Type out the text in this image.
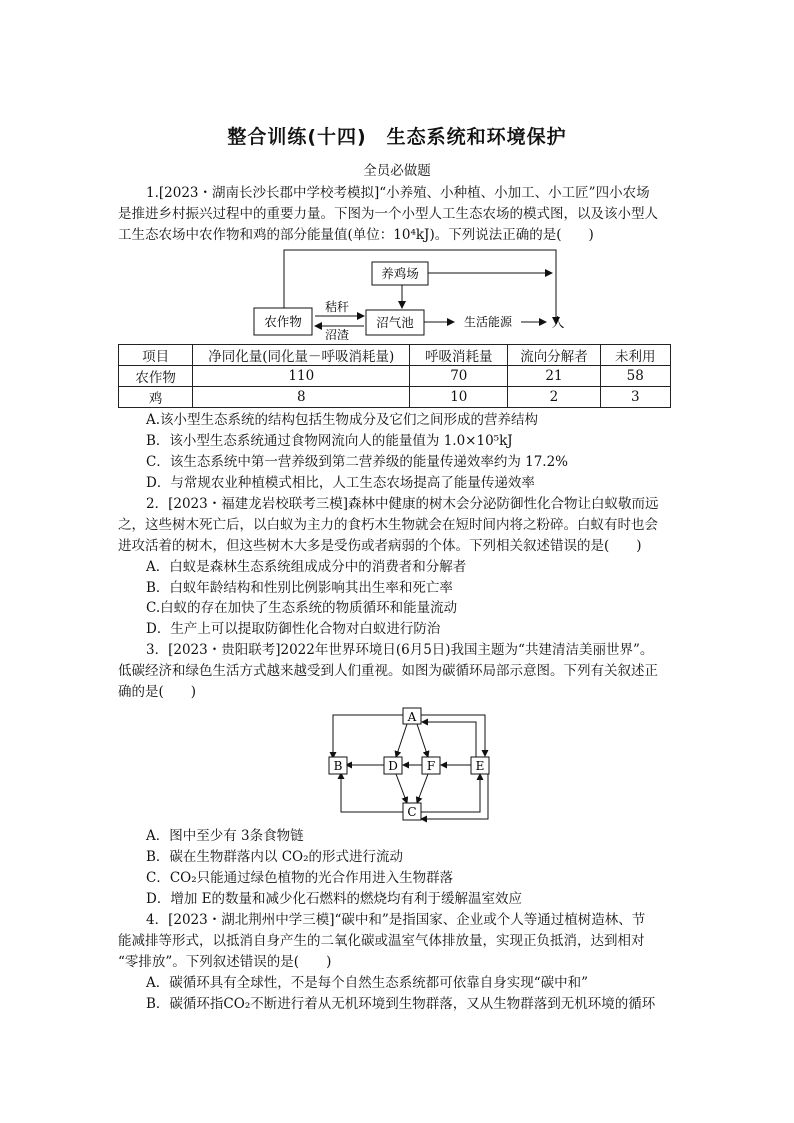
整合训练(十四)　生态系统和环境保护
全员必做题
1.[2023・湖南长沙长郡中学校考模拟]“小养殖、小种植、小加工、小工匠”四小农场
是推进乡村振兴过程中的重要力量。下图为一个小型人工生态农场的模式图，以及该小型人
工生态农场中农作物和鸡的部分能量值(单位：10⁴kJ)。下列说法正确的是(　　)
养鸡场
农作物	沼气池
秸秆
沼渣
生活能源	人
项目	净同化量(同化量－呼吸消耗量)	呼吸消耗量	流向分解者	未利用
农作物	110	70	21	58
鸡	8	10	2	3
A.该小型生态系统的结构包括生物成分及它们之间形成的营养结构
B．该小型生态系统通过食物网流向人的能量值为 1.0×10⁵kJ
C．该生态系统中第一营养级到第二营养级的能量传递效率约为 17.2%
D．与常规农业种植模式相比，人工生态农场提高了能量传递效率
2．[2023・福建龙岩校联考三模]森林中健康的树木会分泌防御性化合物让白蚁敬而远
之，这些树木死亡后，以白蚁为主力的食朽木生物就会在短时间内将之粉碎。白蚁有时也会
进攻活着的树木，但这些树木大多是受伤或者病弱的个体。下列相关叙述错误的是(　　)
A．白蚁是森林生态系统组成成分中的消费者和分解者
B．白蚁年龄结构和性别比例影响其出生率和死亡率
C.白蚁的存在加快了生态系统的物质循环和能量流动
D．生产上可以提取防御性化合物对白蚁进行防治
3．[2023・贵阳联考]2022年世界环境日(6月5日)我国主题为“共建清洁美丽世界”。
低碳经济和绿色生活方式越来越受到人们重视。如图为碳循环局部示意图。下列有关叙述正
确的是(　　)
A
B
C
D	E
F
A．图中至少有 3条食物链
B．碳在生物群落内以 CO₂的形式进行流动
C．CO₂只能通过绿色植物的光合作用进入生物群落
D．增加 E的数量和减少化石燃料的燃烧均有利于缓解温室效应
4．[2023・湖北荆州中学三模]“碳中和”是指国家、企业或个人等通过植树造林、节
能减排等形式，以抵消自身产生的二氧化碳或温室气体排放量，实现正负抵消，达到相对
“零排放”。下列叙述错误的是(　　)
A．碳循环具有全球性，不是每个自然生态系统都可依靠自身实现“碳中和”
B．碳循环指CO₂不断进行着从无机环境到生物群落，又从生物群落到无机环境的循环
